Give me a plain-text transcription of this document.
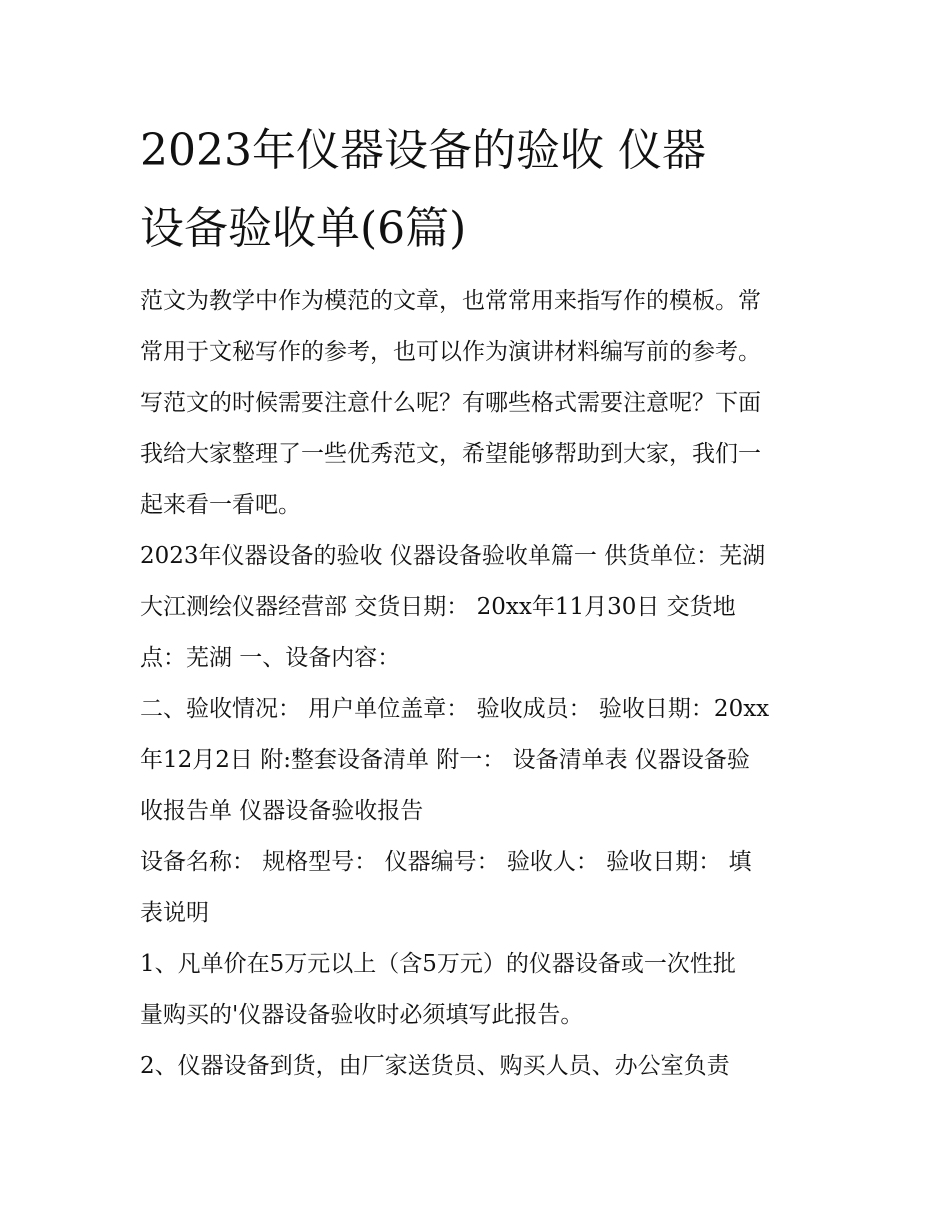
2023年仪器设备的验收 仪器
设备验收单(6篇)
范文为教学中作为模范的文章，也常常用来指写作的模板。常
常用于文秘写作的参考，也可以作为演讲材料编写前的参考。
写范文的时候需要注意什么呢？有哪些格式需要注意呢？下面
我给大家整理了一些优秀范文，希望能够帮助到大家，我们一
起来看一看吧。
2023年仪器设备的验收 仪器设备验收单篇一 供货单位：芜湖
大江测绘仪器经营部 交货日期： 20xx年11月30日 交货地
点：芜湖 一、设备内容：
二、验收情况： 用户单位盖章： 验收成员： 验收日期：20xx
年12月2日 附:整套设备清单 附一： 设备清单表 仪器设备验
收报告单 仪器设备验收报告
设备名称： 规格型号： 仪器编号： 验收人： 验收日期： 填
表说明
1、凡单价在5万元以上（含5万元）的仪器设备或一次性批
量购买的'仪器设备验收时必须填写此报告。
2、仪器设备到货，由厂家送货员、购买人员、办公室负责
